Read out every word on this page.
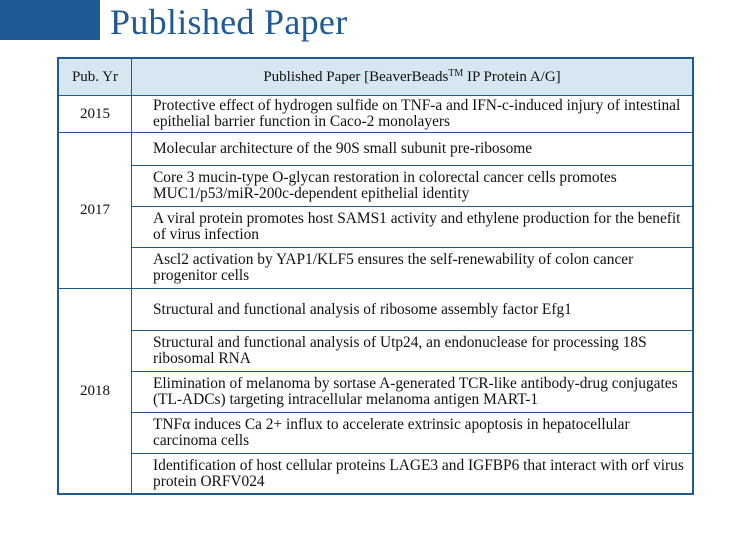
Published Paper
Pub. Yr	Published Paper [BeaverBeads™ IP Protein A/G]
2015	Protective effect of hydrogen sulfide on TNF-a and IFN-c-induced injury of intestinal epithelial barrier function in Caco-2 monolayers
2017	Molecular architecture of the 90S small subunit pre-ribosome
	Core 3 mucin-type O-glycan restoration in colorectal cancer cells promotes MUC1/p53/miR-200c-dependent epithelial identity
	A viral protein promotes host SAMS1 activity and ethylene production for the benefit of virus infection
	Ascl2 activation by YAP1/KLF5 ensures the self-renewability of colon cancer progenitor cells
2018	Structural and functional analysis of ribosome assembly factor Efg1
	Structural and functional analysis of Utp24, an endonuclease for processing 18S ribosomal RNA
	Elimination of melanoma by sortase A-generated TCR-like antibody-drug conjugates (TL-ADCs) targeting intracellular melanoma antigen MART-1
	TNFα induces Ca 2+ influx to accelerate extrinsic apoptosis in hepatocellular carcinoma cells
	Identification of host cellular proteins LAGE3 and IGFBP6 that interact with orf virus protein ORFV024
